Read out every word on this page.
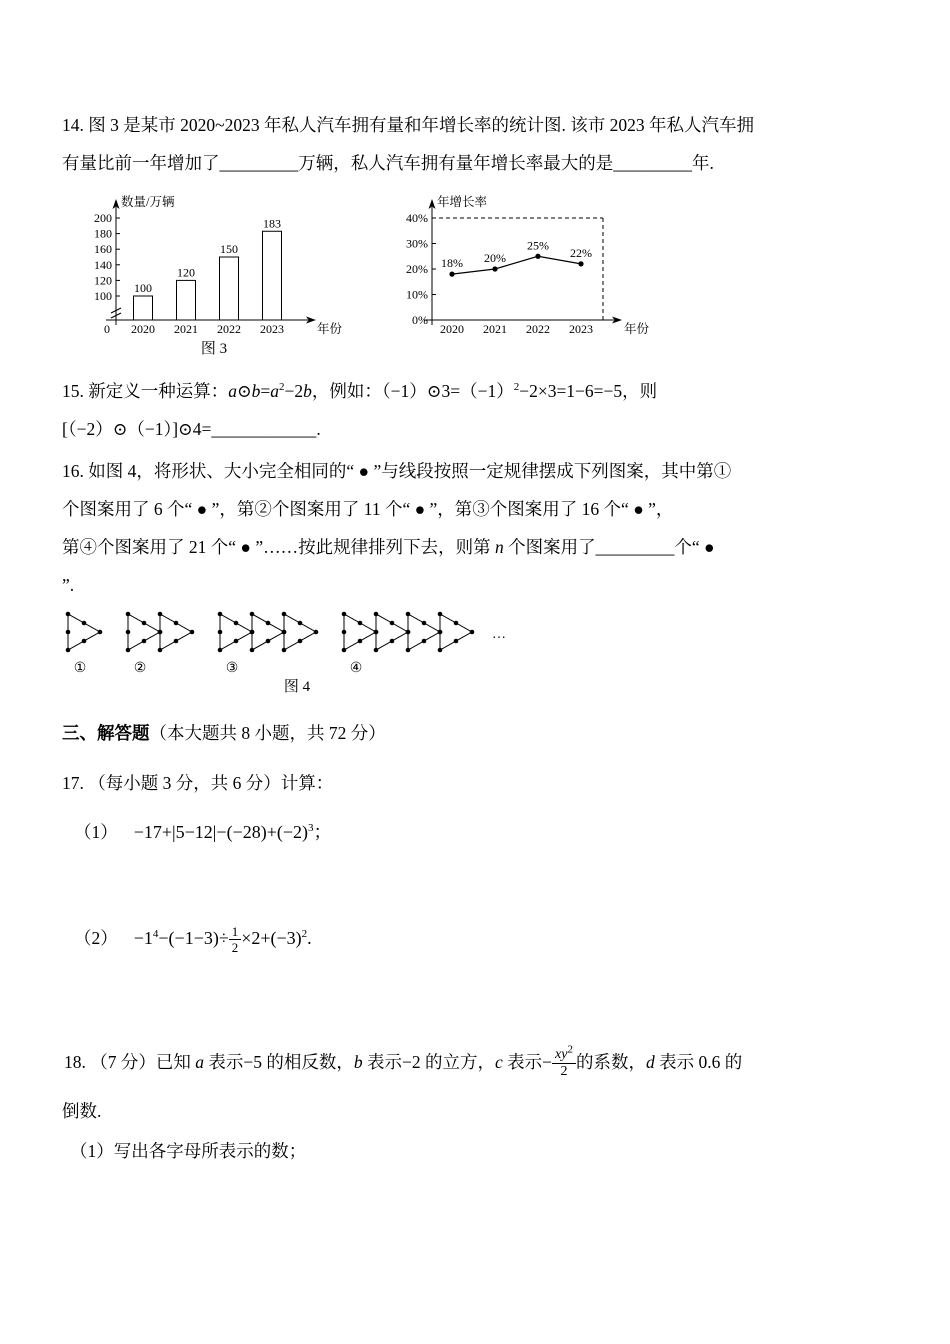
14. 图 3 是某市 2020~2023 年私人汽车拥有量和年增长率的统计图. 该市 2023 年私人汽车拥

有量比前一年增加了_________万辆，私人汽车拥有量年增长率最大的是_________年.

数量/万辆
0
100
120
140
160
180
200
100
2020
120
2021
150
2022
183
2023	年份
图 3
年增长率
0%
10%
20%
30%
40%
18%
2020
20%
2021
25%
2022
22%
2023 年份

15. 新定义一种运算：$a⊙b=a^2-2b$，例如：$(-1)⊙3=(-1)^2-2\times 3=1-6=-5$，则

[（−2）⊙（−1）]⊙4=____________.

16. 如图 4，将形状、大小完全相同的“ ● ”与线段按照一定规律摆成下列图案，其中第①

个图案用了 6 个“ ● ”，第②个图案用了 11 个“ ● ”，第③个图案用了 16 个“ ● ”，

第④个图案用了 21 个“ ● ”……按此规律排列下去，则第 n 个图案用了_________个“ ●

”.

①	②	③	④
…
图 4

三、解答题（本大题共 8 小题，共 72 分）

17. （每小题 3 分，共 6 分）计算：

$(1) -17+|5-12|-(-28)+(-2)^3$；

$(2) -1^4-(-1-3)\div \frac{1}{2} \times 2+(-3)^2$.

18. （7 分）已知 a 表示−5 的相反数，b 表示−2 的立方，c 表示− $\frac{xy^2}{2}$ 的系数，d 表示 0.6 的

倒数.

（1）写出各字母所表示的数；
